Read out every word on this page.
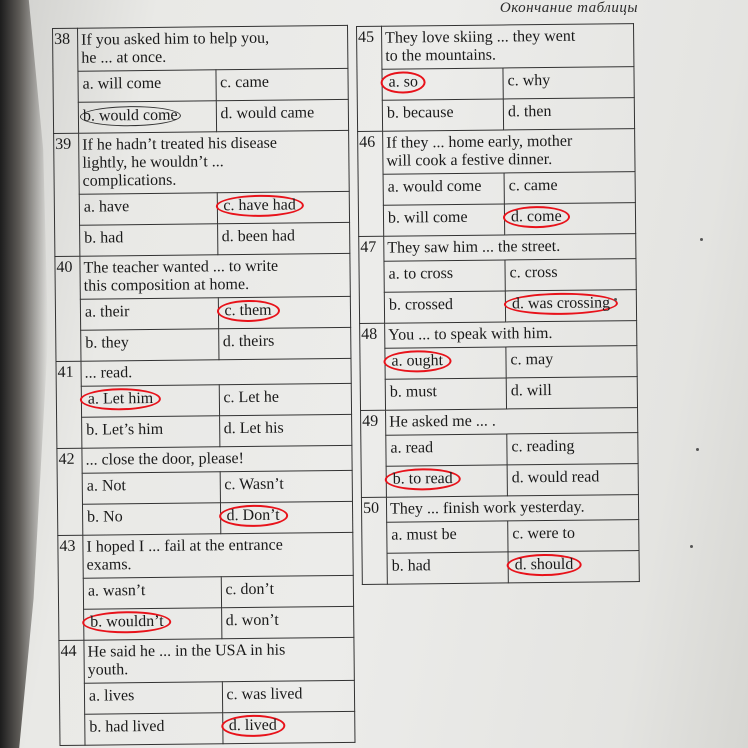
Окончание таблицы
38	If you asked him to help you,
he ... at once.	

	a. will come	c. came
	b. would come	d. would came
39	If he hadn’t treated his disease
lightly, he wouldn’t ...
complications.	

	a. have	c. have had
	b. had	d. been had
40	The teacher wanted ... to write
this composition at home.	

	a. their	c. them
	b. they	d. theirs
41	... read.	

	a. Let him	c. Let he
	b. Let’s him	d. Let his
42	... close the door, please!	

	a. Not	c. Wasn’t
	b. No	d. Don’t
43	I hoped I ... fail at the entrance
exams.	

	a. wasn’t	c. don’t
	b. wouldn’t	d. won’t
44	He said he ... in the USA in his
youth.	

	a. lives	c. was lived
	b. had lived	d. lived
45	They love skiing ... they went
to the mountains.	

	a. so	c. why
	b. because	d. then
46	If they ... home early, mother
will cook a festive dinner.	

	a. would come	c. came
	b. will come	d. come
47	They saw him ... the street.	

	a. to cross	c. cross
	b. crossed	d. was crossing
48	You ... to speak with him.	

	a. ought	c. may
	b. must	d. will
49	He asked me ... .	

	a. read	c. reading
	b. to read	d. would read
50	They ... finish work yesterday.	

	a. must be	c. were to
	b. had	d. should
